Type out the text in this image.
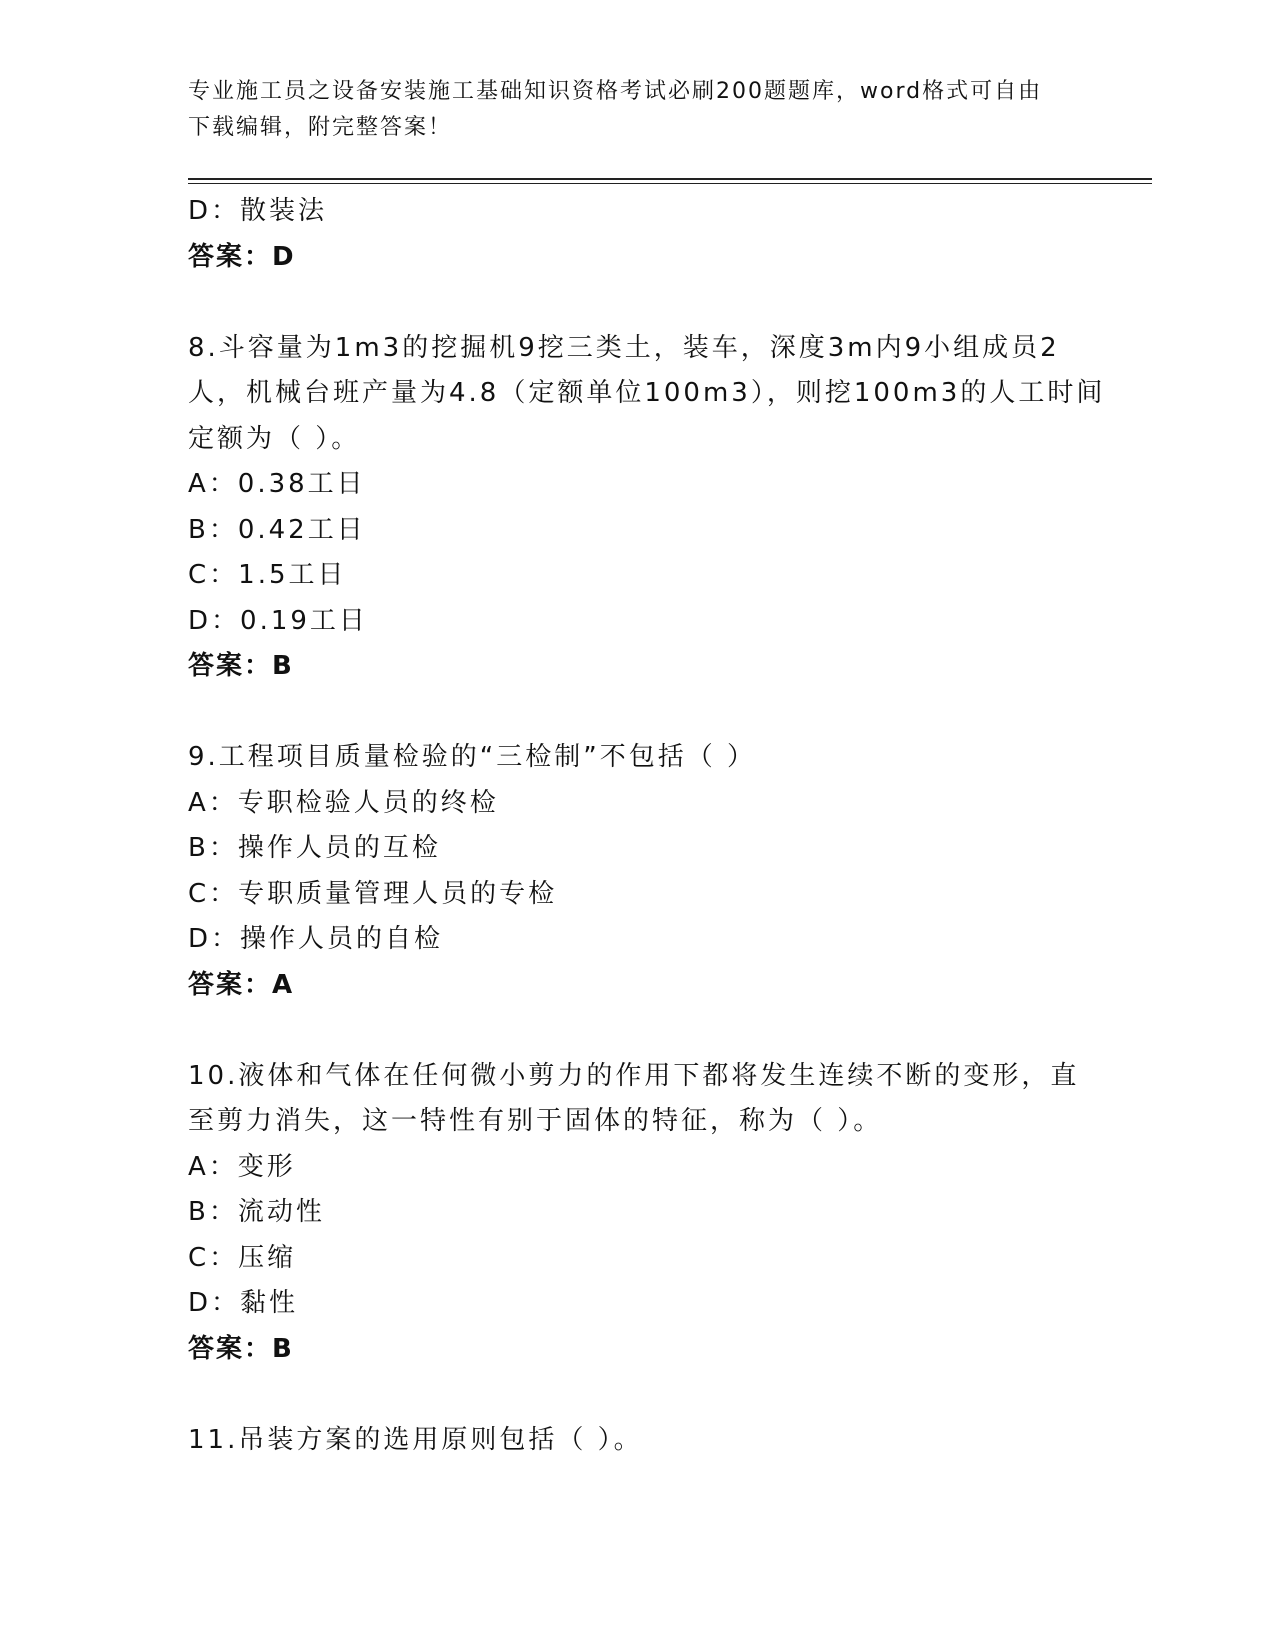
专业施工员之设备安装施工基础知识资格考试必刷200题题库，word格式可自由
下载编辑，附完整答案！
D：散装法
答案：D
8.斗容量为1m3的挖掘机9挖三类土，装车，深度3m内9小组成员2
人，机械台班产量为4.8（定额单位100m3），则挖100m3的人工时间
定额为（ ）。
A：0.38工日
B：0.42工日
C：1.5工日
D：0.19工日
答案：B
9.工程项目质量检验的“三检制”不包括（ ）
A：专职检验人员的终检
B：操作人员的互检
C：专职质量管理人员的专检
D：操作人员的自检
答案：A
10.液体和气体在任何微小剪力的作用下都将发生连续不断的变形，直
至剪力消失，这一特性有别于固体的特征，称为（ ）。
A：变形
B：流动性
C：压缩
D：黏性
答案：B
11.吊装方案的选用原则包括（ ）。
